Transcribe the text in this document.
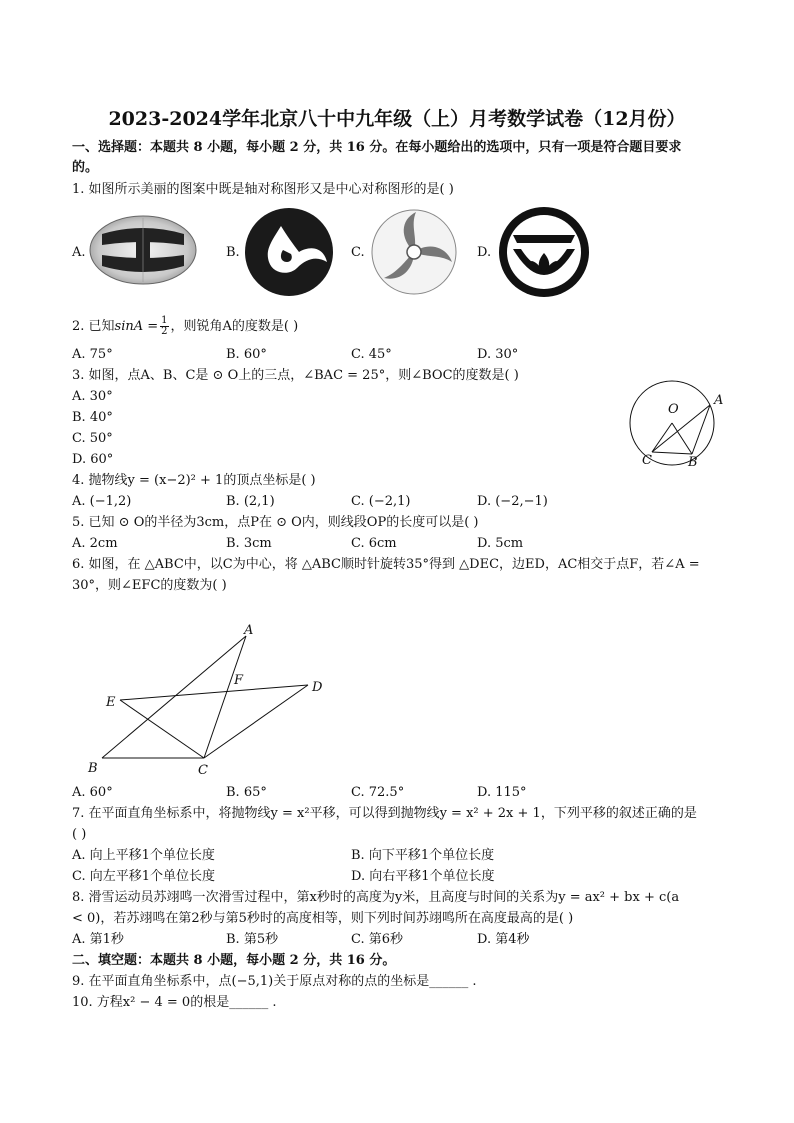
2023-2024学年北京八十中九年级（上）月考数学试卷（12月份）
一、选择题：本题共 8 小题，每小题 2 分，共 16 分。在每小题给出的选项中，只有一项是符合题目要求
的。
1. 如图所示美丽的图案中既是轴对称图形又是中心对称图形的是( )
A.	B.	C.	D.
2. 已知$\sin A = \frac{1}{2}$ ，则锐角A的度数是( )
A. 75°	B. 60°	C. 45°	D. 30°
3. 如图，点A、B、C是 ⊙ O上的三点，∠BAC = 25°，则∠BOC的度数是( )
A. 30°
B. 40°
C. 50°
D. 60°
O
A
C	B
4. 抛物线y = (x−2)² + 1的顶点坐标是( )
A. (−1,2)	B. (2,1)	C. (−2,1)	D. (−2,−1)
5. 已知 ⊙ O的半径为3cm，点P在 ⊙ O内，则线段OP的长度可以是( )
A. 2cm	B. 3cm	C. 6cm	D. 5cm
6. 如图，在 △ABC中，以C为中心，将 △ABC顺时针旋转35°得到 △DEC，边ED，AC相交于点F，若∠A =
30°，则∠EFC的度数为( )
A
F	D
E
B	C
A. 60°	B. 65°	C. 72.5°	D. 115°
7. 在平面直角坐标系中，将抛物线y = x²平移，可以得到抛物线y = x² + 2x + 1，下列平移的叙述正确的是
( )
A. 向上平移1个单位长度	B. 向下平移1个单位长度
C. 向左平移1个单位长度	D. 向右平移1个单位长度
8. 滑雪运动员苏翊鸣一次滑雪过程中，第x秒时的高度为y米，且高度与时间的关系为y = ax² + bx + c(a
< 0)，若苏翊鸣在第2秒与第5秒时的高度相等，则下列时间苏翊鸣所在高度最高的是( )
A. 第1秒	B. 第5秒	C. 第6秒	D. 第4秒
二、填空题：本题共 8 小题，每小题 2 分，共 16 分。
9. 在平面直角坐标系中，点(−5,1)关于原点对称的点的坐标是______ .
10. 方程x² − 4 = 0的根是______ .
